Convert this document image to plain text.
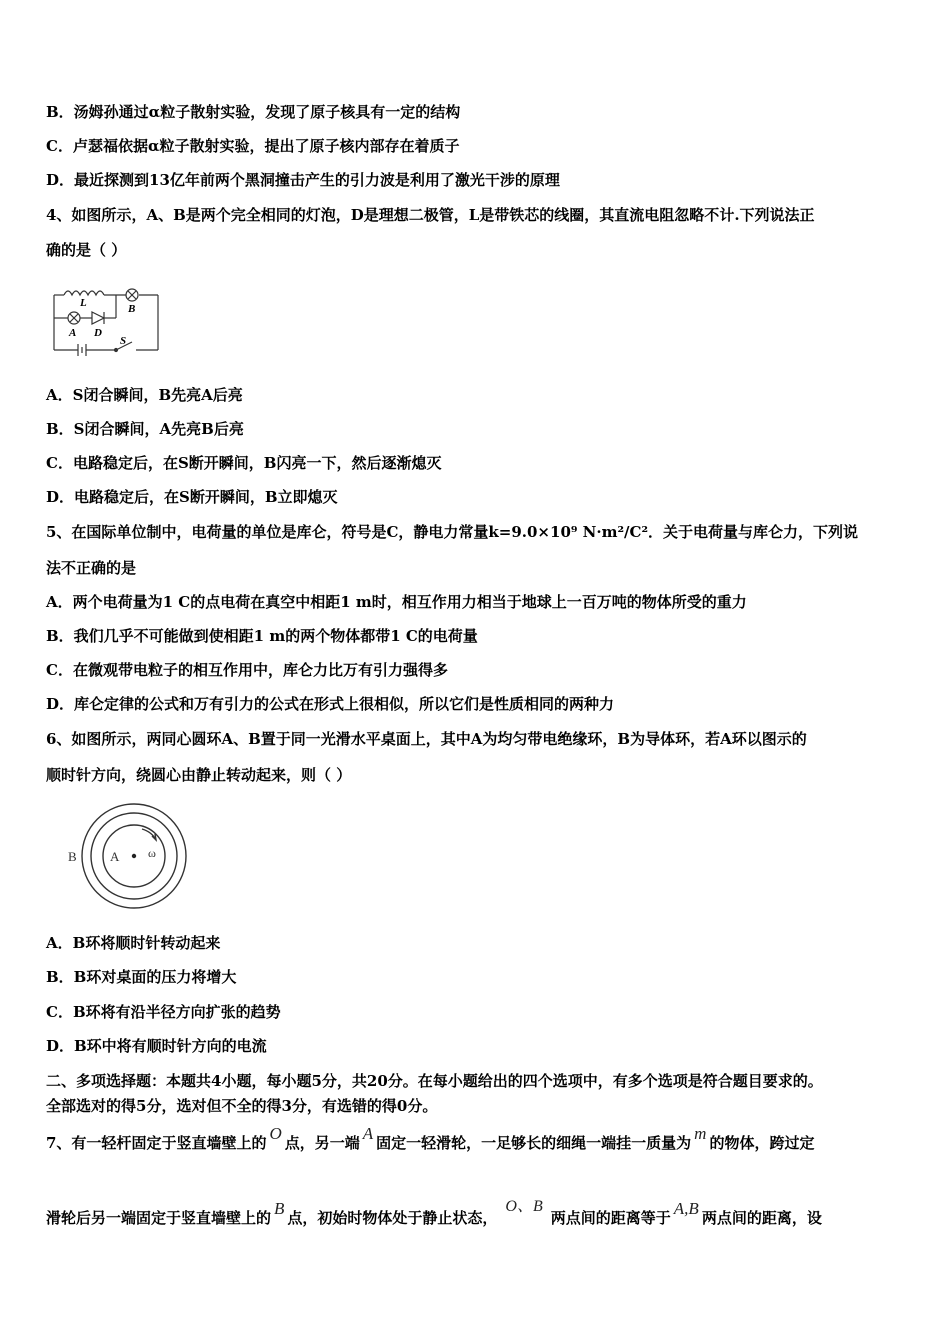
B．汤姆孙通过α粒子散射实验，发现了原子核具有一定的结构
C．卢瑟福依据α粒子散射实验，提出了原子核内部存在着质子
D．最近探测到13亿年前两个黑洞撞击产生的引力波是利用了激光干涉的原理
4、如图所示，A、B是两个完全相同的灯泡，D是理想二极管，L是带铁芯的线圈，其直流电阻忽略不计.下列说法正
确的是（ ）
L	B
A D
S
A．S闭合瞬间，B先亮A后亮
B．S闭合瞬间，A先亮B后亮
C．电路稳定后，在S断开瞬间，B闪亮一下，然后逐渐熄灭
D．电路稳定后，在S断开瞬间，B立即熄灭
5、在国际单位制中，电荷量的单位是库仑，符号是C，静电力常量k=9.0×10⁹ N·m²/C²．关于电荷量与库仑力，下列说
法不正确的是
A．两个电荷量为1 C的点电荷在真空中相距1 m时，相互作用力相当于地球上一百万吨的物体所受的重力
B．我们几乎不可能做到使相距1 m的两个物体都带1 C的电荷量
C．在微观带电粒子的相互作用中，库仑力比万有引力强得多
D．库仑定律的公式和万有引力的公式在形式上很相似，所以它们是性质相同的两种力
6、如图所示，两同心圆环A、B置于同一光滑水平桌面上，其中A为均匀带电绝缘环，B为导体环，若A环以图示的
顺时针方向，绕圆心由静止转动起来，则（ ）
B	A ω
A．B环将顺时针转动起来
B．B环对桌面的压力将增大
C．B环将有沿半径方向扩张的趋势
D．B环中将有顺时针方向的电流
二、多项选择题：本题共4小题，每小题5分，共20分。在每小题给出的四个选项中，有多个选项是符合题目要求的。
全部选对的得5分，选对但不全的得3分，有选错的得0分。
7、有一轻杆固定于竖直墙壁上的 O 点，另一端 A 固定一轻滑轮，一足够长的细绳一端挂一质量为 m 的物体，跨过定
滑轮后另一端固定于竖直墙壁上的 B 点，初始时物体处于静止状态，O、B两点间的距离等于 A,B 两点间的距离，设
